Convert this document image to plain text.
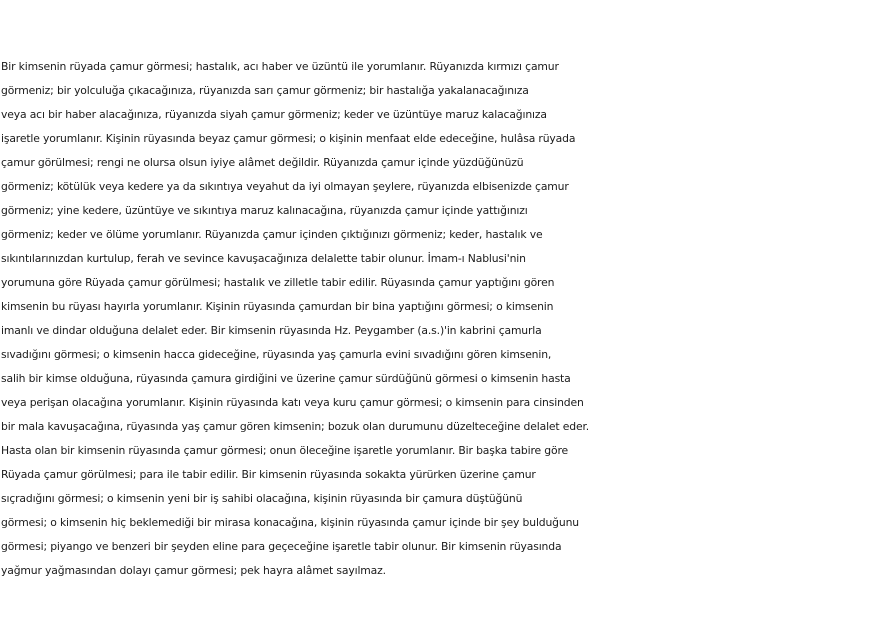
Bir kimsenin rüyada çamur görmesi; hastalık, acı haber ve üzüntü ile yorumlanır. Rüyanızda kırmızı çamur
görmeniz; bir yolculuğa çıkacağınıza, rüyanızda sarı çamur görmeniz; bir hastalığa yakalanacağınıza
veya acı bir haber alacağınıza, rüyanızda siyah çamur görmeniz; keder ve üzüntüye maruz kalacağınıza
işaretle yorumlanır. Kişinin rüyasında beyaz çamur görmesi; o kişinin menfaat elde edeceğine, hulâsa rüyada
çamur görülmesi; rengi ne olursa olsun iyiye alâmet değildir. Rüyanızda çamur içinde yüzdüğünüzü
görmeniz; kötülük veya kedere ya da sıkıntıya veyahut da iyi olmayan şeylere, rüyanızda elbisenizde çamur
görmeniz; yine kedere, üzüntüye ve sıkıntıya maruz kalınacağına, rüyanızda çamur içinde yattığınızı
görmeniz; keder ve ölüme yorumlanır. Rüyanızda çamur içinden çıktığınızı görmeniz; keder, hastalık ve
sıkıntılarınızdan kurtulup, ferah ve sevince kavuşacağınıza delalette tabir olunur. İmam-ı Nablusi'nin
yorumuna göre Rüyada çamur görülmesi; hastalık ve zilletle tabir edilir. Rüyasında çamur yaptığını gören
kimsenin bu rüyası hayırla yorumlanır. Kişinin rüyasında çamurdan bir bina yaptığını görmesi; o kimsenin
imanlı ve dindar olduğuna delalet eder. Bir kimsenin rüyasında Hz. Peygamber (a.s.)'in kabrini çamurla
sıvadığını görmesi; o kimsenin hacca gideceğine, rüyasında yaş çamurla evini sıvadığını gören kimsenin,
salih bir kimse olduğuna, rüyasında çamura girdiğini ve üzerine çamur sürdüğünü görmesi o kimsenin hasta
veya perişan olacağına yorumlanır. Kişinin rüyasında katı veya kuru çamur görmesi; o kimsenin para cinsinden
bir mala kavuşacağına, rüyasında yaş çamur gören kimsenin; bozuk olan durumunu düzelteceğine delalet eder.
Hasta olan bir kimsenin rüyasında çamur görmesi; onun öleceğine işaretle yorumlanır. Bir başka tabire göre
Rüyada çamur görülmesi; para ile tabir edilir. Bir kimsenin rüyasında sokakta yürürken üzerine çamur
sıçradığını görmesi; o kimsenin yeni bir iş sahibi olacağına, kişinin rüyasında bir çamura düştüğünü
görmesi; o kimsenin hiç beklemediği bir mirasa konacağına, kişinin rüyasında çamur içinde bir şey bulduğunu
görmesi; piyango ve benzeri bir şeyden eline para geçeceğine işaretle tabir olunur. Bir kimsenin rüyasında
yağmur yağmasından dolayı çamur görmesi; pek hayra alâmet sayılmaz.
